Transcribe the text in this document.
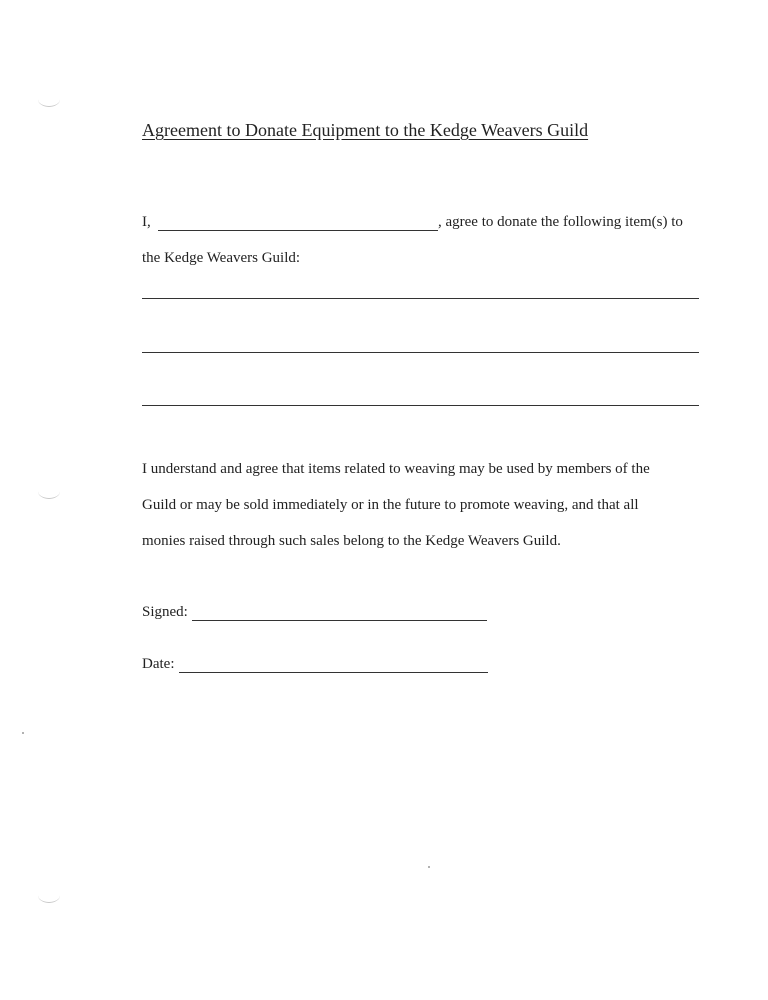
Agreement to Donate Equipment to the Kedge Weavers Guild
I,	, agree to donate the following item(s) to
the Kedge Weavers Guild:
I understand and agree that items related to weaving may be used by members of the
Guild or may be sold immediately or in the future to promote weaving, and that all
monies raised through such sales belong to the Kedge Weavers Guild.
Signed:
Date:
